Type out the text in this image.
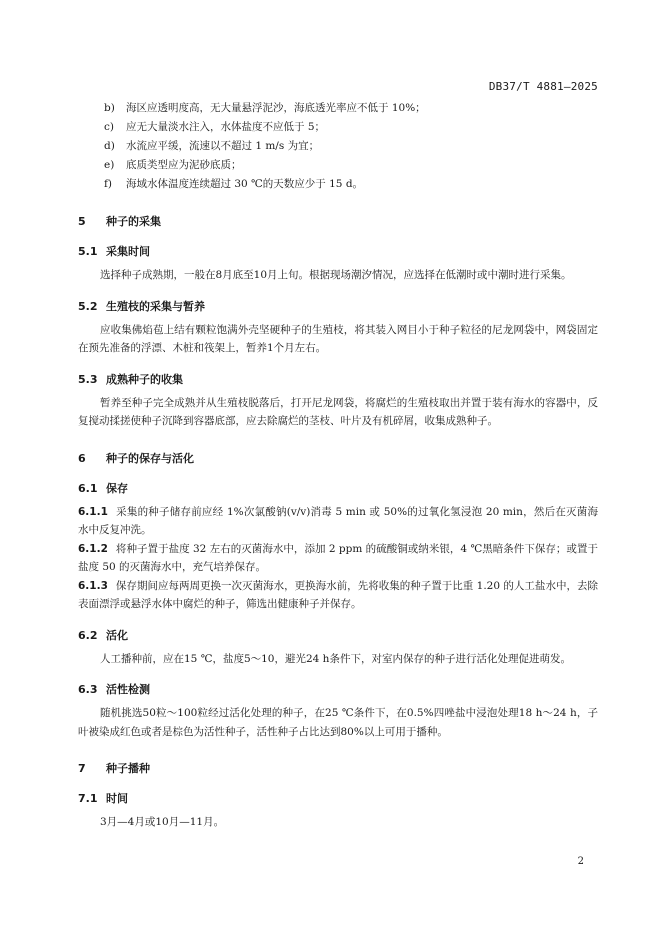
DB37/T 4881—2025
b) 海区应透明度高，无大量悬浮泥沙，海底透光率应不低于 10%；
c) 应无大量淡水注入，水体盐度不应低于 5；
d) 水流应平缓，流速以不超过 1 m/s 为宜；
e) 底质类型应为泥砂底质；
f) 海域水体温度连续超过 30 ℃的天数应少于 15 d。
5 种子的采集
5.1 采集时间
选择种子成熟期，一般在8月底至10月上旬。根据现场潮汐情况，应选择在低潮时或中潮时进行采集。
5.2 生殖枝的采集与暂养
应收集佛焰苞上结有颗粒饱满外壳坚硬种子的生殖枝，将其装入网目小于种子粒径的尼龙网袋中，网袋固定在预先准备的浮漂、木桩和筏架上，暂养1个月左右。
5.3 成熟种子的收集
暂养至种子完全成熟并从生殖枝脱落后，打开尼龙网袋，将腐烂的生殖枝取出并置于装有海水的容器中，反复搅动揉搓使种子沉降到容器底部，应去除腐烂的茎枝、叶片及有机碎屑，收集成熟种子。
6 种子的保存与活化
6.1 保存
6.1.1 采集的种子储存前应经 1%次氯酸钠(v/v)消毒 5 min 或 50%的过氧化氢浸泡 20 min，然后在灭菌海水中反复冲洗。
6.1.2 将种子置于盐度 32 左右的灭菌海水中，添加 2 ppm 的硫酸铜或纳米银，4 ℃黑暗条件下保存；或置于盐度 50 的灭菌海水中，充气培养保存。
6.1.3 保存期间应每两周更换一次灭菌海水，更换海水前，先将收集的种子置于比重 1.20 的人工盐水中，去除表面漂浮或悬浮水体中腐烂的种子，筛选出健康种子并保存。
6.2 活化
人工播种前，应在15 ℃，盐度5～10，避光24 h条件下，对室内保存的种子进行活化处理促进萌发。
6.3 活性检测
随机挑选50粒～100粒经过活化处理的种子，在25 ℃条件下，在0.5%四唑盐中浸泡处理18 h～24 h，子叶被染成红色或者是棕色为活性种子，活性种子占比达到80%以上可用于播种。
7 种子播种
7.1 时间
3月—4月或10月—11月。
2
